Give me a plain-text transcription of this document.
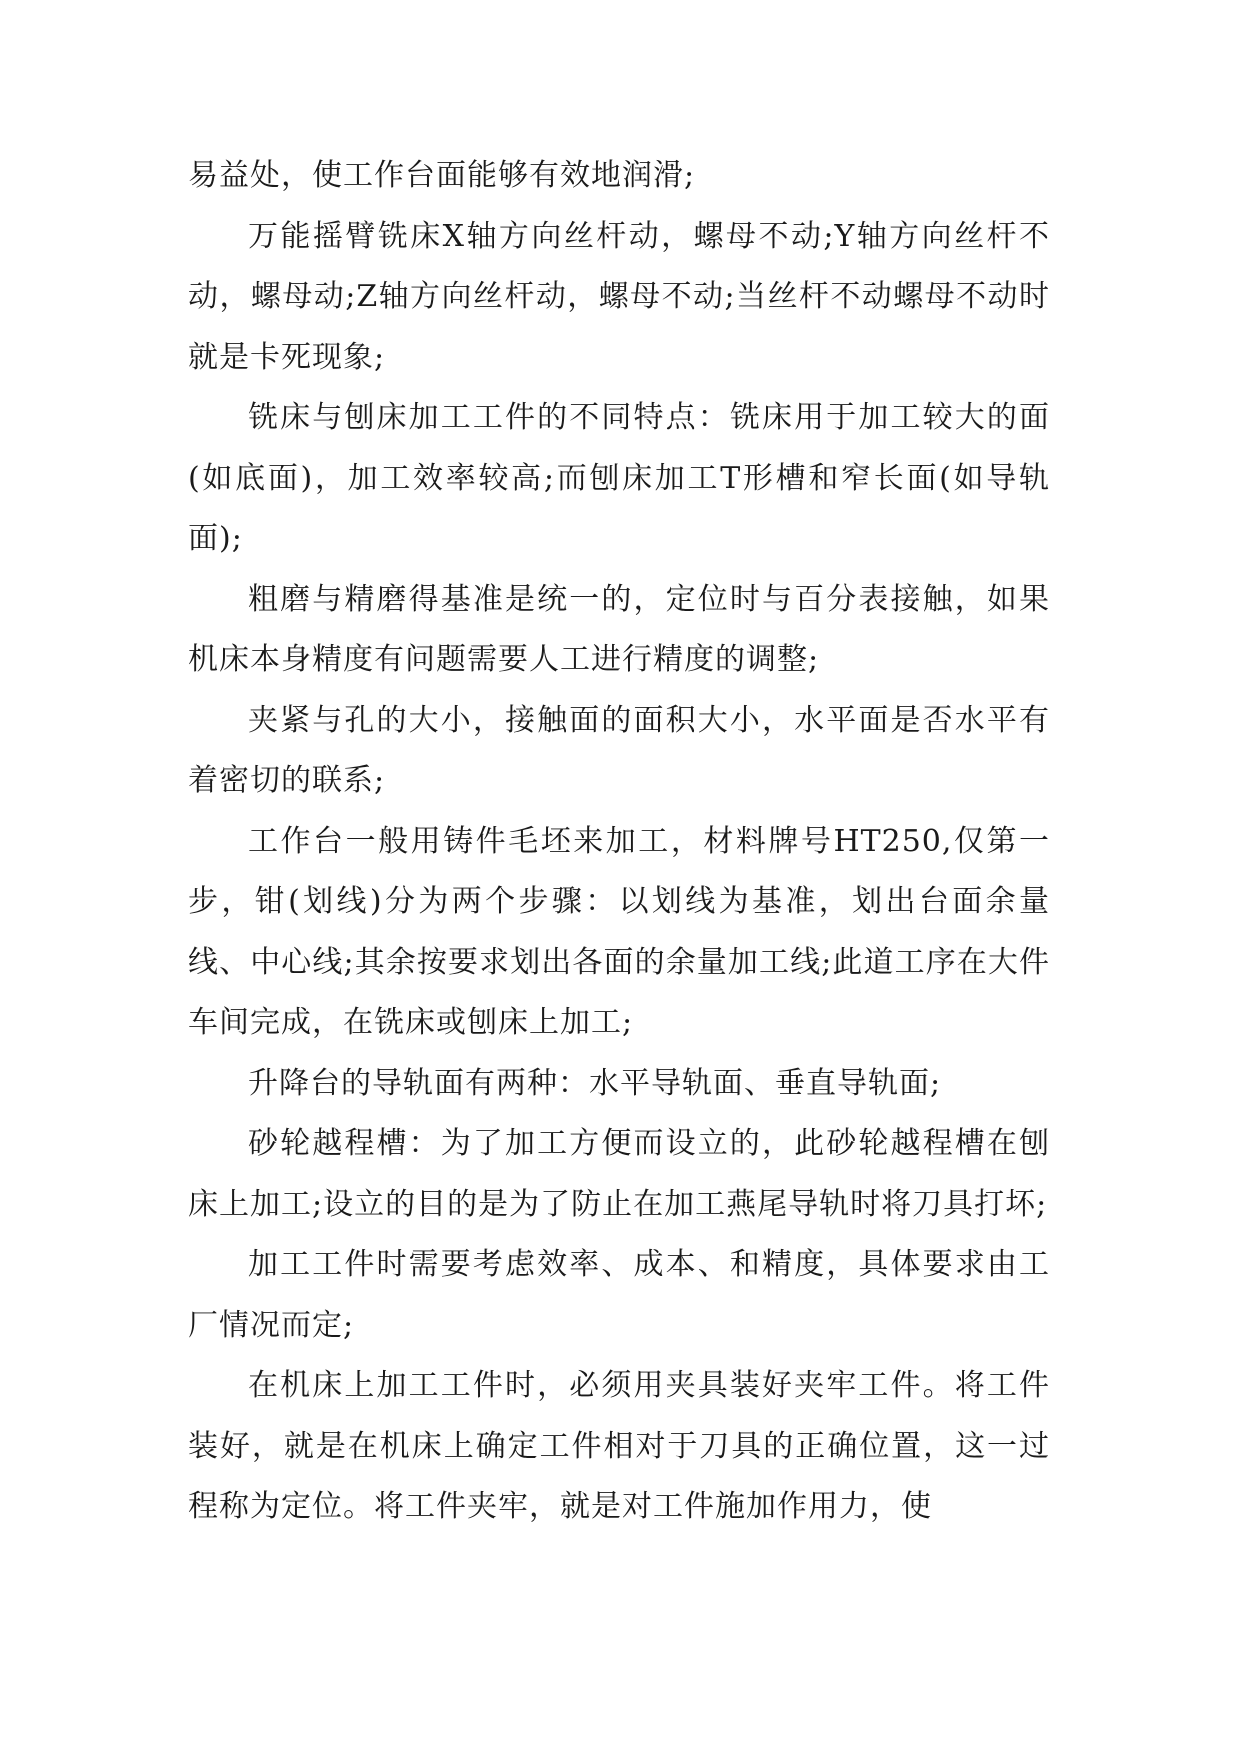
易益处，使工作台面能够有效地润滑;

万能摇臂铣床X轴方向丝杆动，螺母不动;Y轴方向丝杆不动，螺母动;Z轴方向丝杆动，螺母不动;当丝杆不动螺母不动时就是卡死现象;

铣床与刨床加工工件的不同特点：铣床用于加工较大的面(如底面)，加工效率较高;而刨床加工T形槽和窄长面(如导轨面);

粗磨与精磨得基准是统一的，定位时与百分表接触，如果机床本身精度有问题需要人工进行精度的调整;

夹紧与孔的大小，接触面的面积大小，水平面是否水平有着密切的联系;

工作台一般用铸件毛坯来加工，材料牌号HT250,仅第一步，钳(划线)分为两个步骤：以划线为基准，划出台面余量线、中心线;其余按要求划出各面的余量加工线;此道工序在大件车间完成，在铣床或刨床上加工;

升降台的导轨面有两种：水平导轨面、垂直导轨面;

砂轮越程槽：为了加工方便而设立的，此砂轮越程槽在刨床上加工;设立的目的是为了防止在加工燕尾导轨时将刀具打坏;

加工工件时需要考虑效率、成本、和精度，具体要求由工厂情况而定;

在机床上加工工件时，必须用夹具装好夹牢工件。将工件装好，就是在机床上确定工件相对于刀具的正确位置，这一过程称为定位。将工件夹牢，就是对工件施加作用力，使
